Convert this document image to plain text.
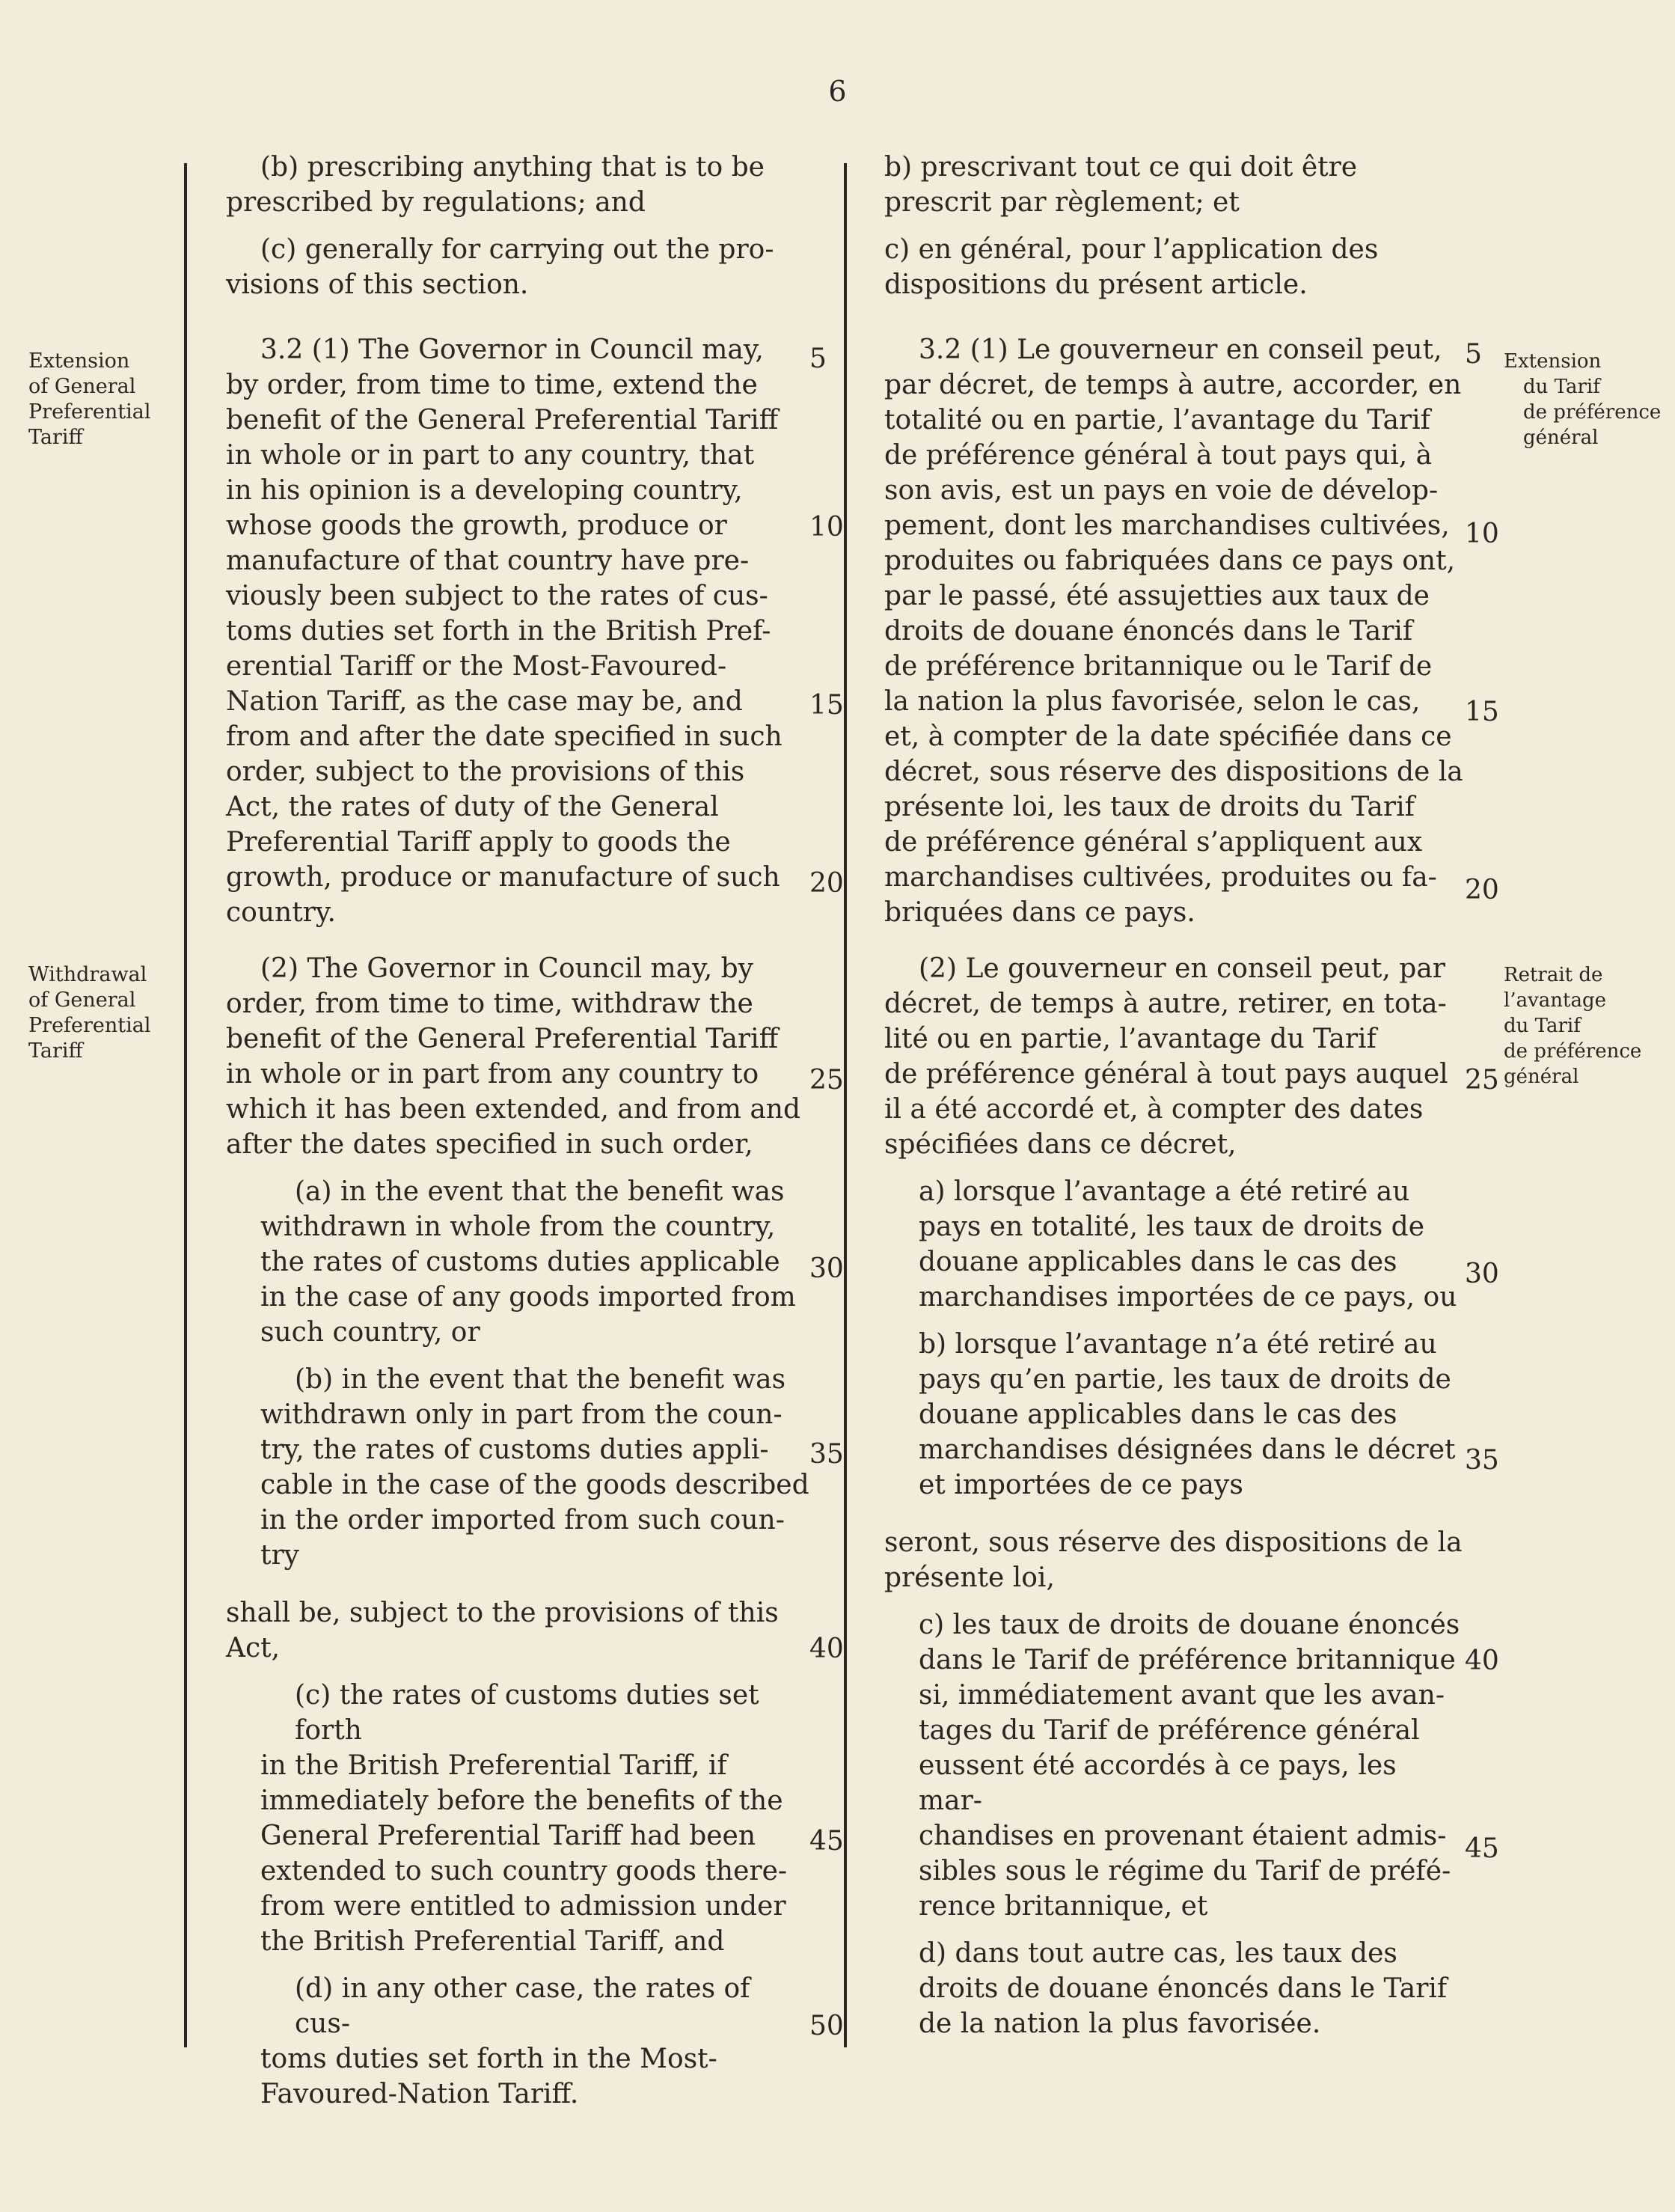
6
Extension
of General
Preferential
Tariff
Withdrawal
of General
Preferential
Tariff
Extension
du Tarif
de préférence
général
Retrait de
l’avantage
du Tarif
de préférence
général

(b) prescribing anything that is to be

prescribed by regulations; and

(c) generally for carrying out the pro-

visions of this section.

3.2 (1) The Governor in Council may,

by order, from time to time, extend the

benefit of the General Preferential Tariff

in whole or in part to any country, that

in his opinion is a developing country,

whose goods the growth, produce or

manufacture of that country have pre-

viously been subject to the rates of cus-

toms duties set forth in the British Pref-

erential Tariff or the Most-Favoured-

Nation Tariff, as the case may be, and

from and after the date specified in such

order, subject to the provisions of this

Act, the rates of duty of the General

Preferential Tariff apply to goods the

growth, produce or manufacture of such

country.

(2) The Governor in Council may, by

order, from time to time, withdraw the

benefit of the General Preferential Tariff

in whole or in part from any country to

which it has been extended, and from and

after the dates specified in such order,

(a) in the event that the benefit was

withdrawn in whole from the country,

the rates of customs duties applicable

in the case of any goods imported from

such country, or

(b) in the event that the benefit was

withdrawn only in part from the coun-

try, the rates of customs duties appli-

cable in the case of the goods described

in the order imported from such coun-

try

shall be, subject to the provisions of this

Act,

(c) the rates of customs duties set forth

in the British Preferential Tariff, if

immediately before the benefits of the

General Preferential Tariff had been

extended to such country goods there-

from were entitled to admission under

the British Preferential Tariff, and

(d) in any other case, the rates of cus-

toms duties set forth in the Most-

Favoured-Nation Tariff.

b) prescrivant tout ce qui doit être

prescrit par règlement; et

c) en général, pour l’application des

dispositions du présent article.

3.2 (1) Le gouverneur en conseil peut,

par décret, de temps à autre, accorder, en

totalité ou en partie, l’avantage du Tarif

de préférence général à tout pays qui, à

son avis, est un pays en voie de dévelop-

pement, dont les marchandises cultivées,

produites ou fabriquées dans ce pays ont,

par le passé, été assujetties aux taux de

droits de douane énoncés dans le Tarif

de préférence britannique ou le Tarif de

la nation la plus favorisée, selon le cas,

et, à compter de la date spécifiée dans ce

décret, sous réserve des dispositions de la

présente loi, les taux de droits du Tarif

de préférence général s’appliquent aux

marchandises cultivées, produites ou fa-

briquées dans ce pays.

(2) Le gouverneur en conseil peut, par

décret, de temps à autre, retirer, en tota-

lité ou en partie, l’avantage du Tarif

de préférence général à tout pays auquel

il a été accordé et, à compter des dates

spécifiées dans ce décret,

a) lorsque l’avantage a été retiré au

pays en totalité, les taux de droits de

douane applicables dans le cas des

marchandises importées de ce pays, ou

b) lorsque l’avantage n’a été retiré au

pays qu’en partie, les taux de droits de

douane applicables dans le cas des

marchandises désignées dans le décret

et importées de ce pays

seront, sous réserve des dispositions de la

présente loi,

c) les taux de droits de douane énoncés

dans le Tarif de préférence britannique

si, immédiatement avant que les avan-

tages du Tarif de préférence général

eussent été accordés à ce pays, les mar-

chandises en provenant étaient admis-

sibles sous le régime du Tarif de préfé-

rence britannique, et

d) dans tout autre cas, les taux des

droits de douane énoncés dans le Tarif

de la nation la plus favorisée.

5
10
15
20
25
30
35
40
45
50
5
10
15
20
25
30
35
40
45
